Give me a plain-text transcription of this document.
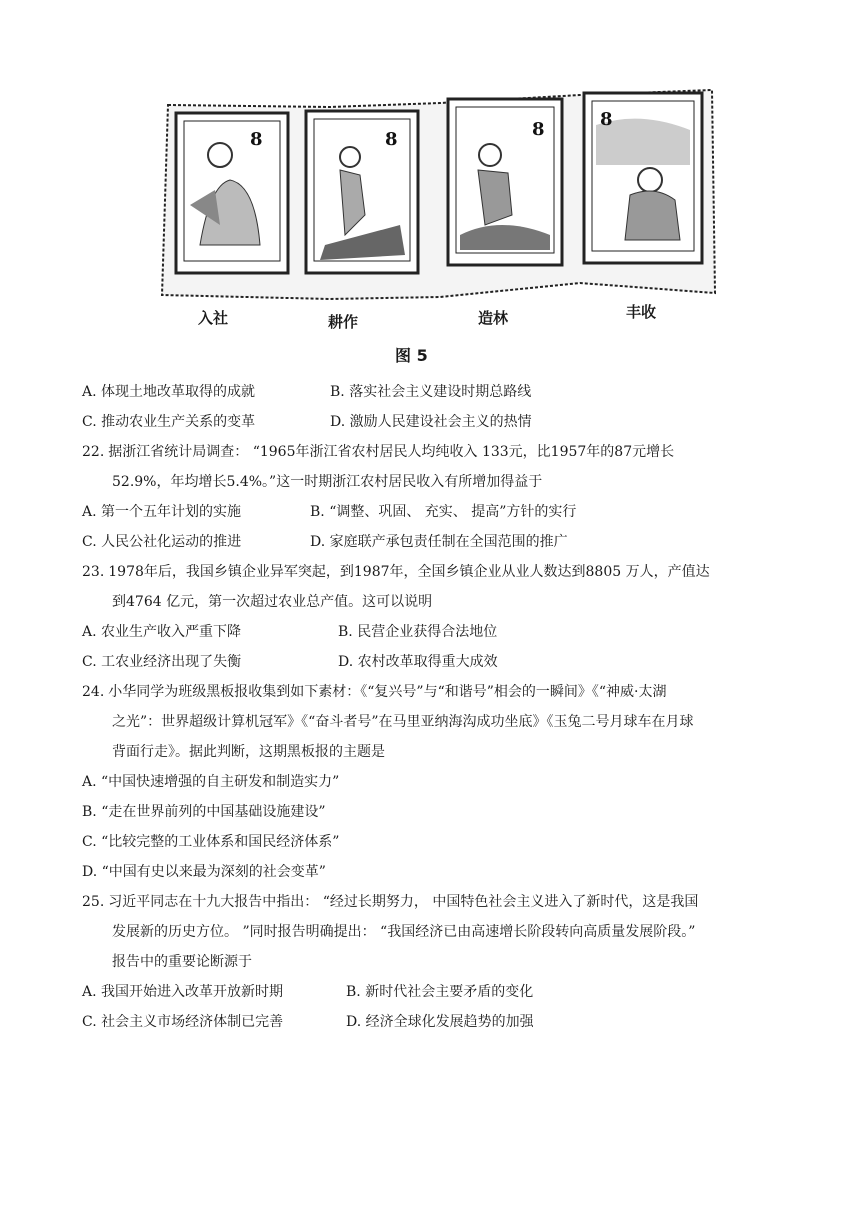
8	8	8	8
入社	耕作	造林	丰收
图 5
A. 体现土地改革取得的成就	B. 落实社会主义建设时期总路线
C. 推动农业生产关系的变革	D. 激励人民建设社会主义的热情
22. 据浙江省统计局调查： “1965年浙江省农村居民人均纯收入 133元，比1957年的87元增长
52.9%，年均增长5.4%。”这一时期浙江农村居民收入有所增加得益于
A. 第一个五年计划的实施	B. “调整、巩固、 充实、 提高”方针的实行
C. 人民公社化运动的推进	D. 家庭联产承包责任制在全国范围的推广
23. 1978年后，我国乡镇企业异军突起，到1987年，全国乡镇企业从业人数达到8805 万人，产值达
到4764 亿元，第一次超过农业总产值。这可以说明
A. 农业生产收入严重下降	B. 民营企业获得合法地位
C. 工农业经济出现了失衡	D. 农村改革取得重大成效
24. 小华同学为班级黑板报收集到如下素材：《“复兴号”与“和谐号”相会的一瞬间》《“神威·太湖
之光”：世界超级计算机冠军》《“奋斗者号”在马里亚纳海沟成功坐底》《玉兔二号月球车在月球
背面行走》。据此判断，这期黑板报的主题是
A. “中国快速增强的自主研发和制造实力”
B. “走在世界前列的中国基础设施建设”
C. “比较完整的工业体系和国民经济体系”
D. “中国有史以来最为深刻的社会变革”
25. 习近平同志在十九大报告中指出： “经过长期努力， 中国特色社会主义进入了新时代，这是我国
发展新的历史方位。 ”同时报告明确提出： “我国经济已由高速增长阶段转向高质量发展阶段。”
报告中的重要论断源于
A. 我国开始进入改革开放新时期	B. 新时代社会主要矛盾的变化
C. 社会主义市场经济体制已完善	D. 经济全球化发展趋势的加强
